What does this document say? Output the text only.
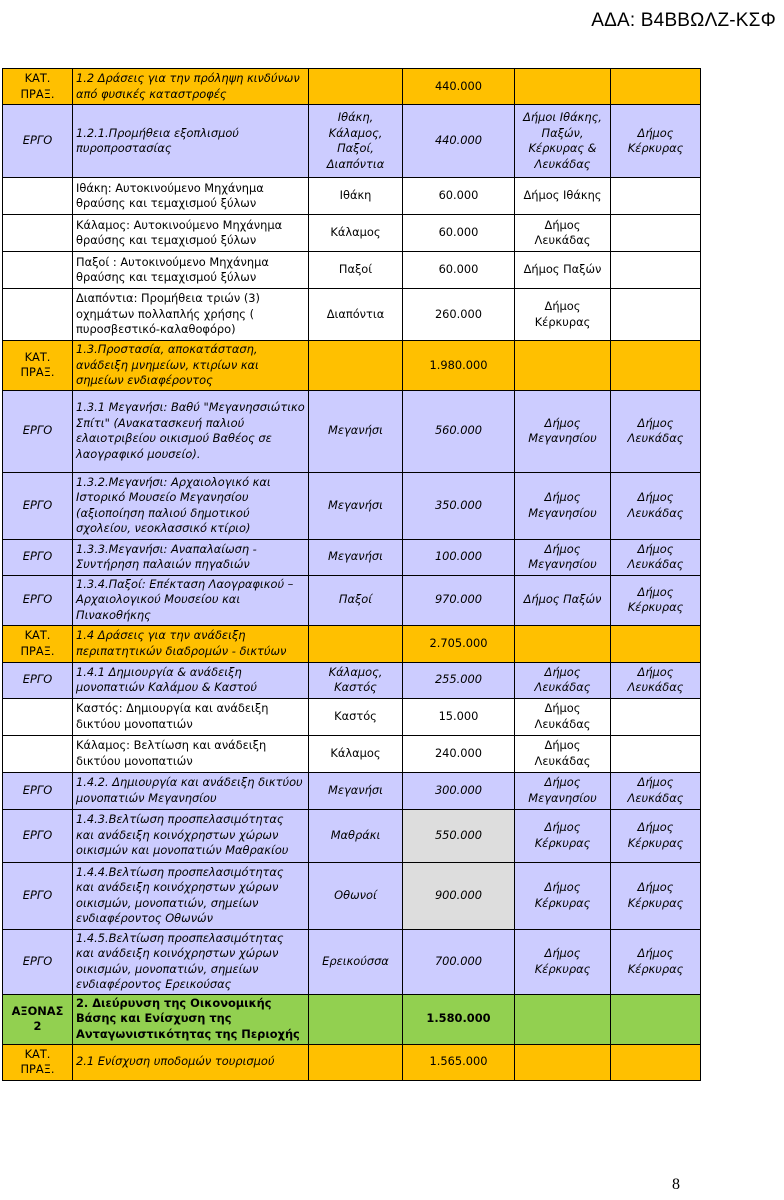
ΑΔΑ: Β4ΒΒΩΛΖ-ΚΣΦ
ΚΑΤ. ΠΡΑΞ.	1.2 Δράσεις για την πρόληψη κινδύνων από φυσικές καταστροφές		440.000		
ΕΡΓΟ	1.2.1.Προμήθεια εξοπλισμού πυροπροστασίας	Ιθάκη, Κάλαμος, Παξοί, Διαπόντια	440.000	Δήμοι Ιθάκης, Παξών, Κέρκυρας & Λευκάδας	Δήμος Κέρκυρας
	Ιθάκη: Αυτοκινούμενο Μηχάνημα θραύσης και τεμαχισμού ξύλων	Ιθάκη	60.000	Δήμος Ιθάκης	
	Κάλαμος: Αυτοκινούμενο Μηχάνημα θραύσης και τεμαχισμού ξύλων	Κάλαμος	60.000	Δήμος Λευκάδας	
	Παξοί : Αυτοκινούμενο Μηχάνημα θραύσης και τεμαχισμού ξύλων	Παξοί	60.000	Δήμος Παξών	
	Διαπόντια: Προμήθεια τριών (3) οχημάτων πολλαπλής χρήσης ( πυροσβεστικό-καλαθοφόρο)	Διαπόντια	260.000	Δήμος Κέρκυρας	
ΚΑΤ. ΠΡΑΞ.	1.3.Προστασία, αποκατάσταση, ανάδειξη μνημείων, κτιρίων και σημείων ενδιαφέροντος		1.980.000		
ΕΡΓΟ	1.3.1 Μεγανήσι: Βαθύ "Μεγανησσιώτικο Σπίτι" (Ανακατασκευή παλιού ελαιοτριβείου οικισμού Βαθέος σε λαογραφικό μουσείο).	Μεγανήσι	560.000	Δήμος Μεγανησίου	Δήμος Λευκάδας
ΕΡΓΟ	1.3.2.Μεγανήσι: Αρχαιολογικό και Ιστορικό Μουσείο Μεγανησίου (αξιοποίηση παλιού δημοτικού σχολείου, νεοκλασσικό κτίριο)	Μεγανήσι	350.000	Δήμος Μεγανησίου	Δήμος Λευκάδας
ΕΡΓΟ	1.3.3.Μεγανήσι: Αναπαλαίωση - Συντήρηση παλαιών πηγαδιών	Μεγανήσι	100.000	Δήμος Μεγανησίου	Δήμος Λευκάδας
ΕΡΓΟ	1.3.4.Παξοί: Επέκταση Λαογραφικού – Αρχαιολογικού Μουσείου και Πινακοθήκης	Παξοί	970.000	Δήμος Παξών	Δήμος Κέρκυρας
ΚΑΤ. ΠΡΑΞ.	1.4 Δράσεις για την ανάδειξη περιπατητικών διαδρομών - δικτύων		2.705.000		
ΕΡΓΟ	1.4.1 Δημιουργία & ανάδειξη μονοπατιών Καλάμου & Καστού	Κάλαμος, Καστός	255.000	Δήμος Λευκάδας	Δήμος Λευκάδας
	Καστός: Δημιουργία και ανάδειξη δικτύου μονοπατιών	Καστός	15.000	Δήμος Λευκάδας	
	Κάλαμος: Βελτίωση και ανάδειξη δικτύου μονοπατιών	Κάλαμος	240.000	Δήμος Λευκάδας	
ΕΡΓΟ	1.4.2. Δημιουργία και ανάδειξη δικτύου μονοπατιών Μεγανησίου	Μεγανήσι	300.000	Δήμος Μεγανησίου	Δήμος Λευκάδας
ΕΡΓΟ	1.4.3.Βελτίωση προσπελασιμότητας και ανάδειξη κοινόχρηστων χώρων οικισμών και μονοπατιών Μαθρακίου	Μαθράκι	550.000	Δήμος Κέρκυρας	Δήμος Κέρκυρας
ΕΡΓΟ	1.4.4.Βελτίωση προσπελασιμότητας και ανάδειξη κοινόχρηστων χώρων οικισμών, μονοπατιών, σημείων ενδιαφέροντος Οθωνών	Οθωνοί	900.000	Δήμος Κέρκυρας	Δήμος Κέρκυρας
ΕΡΓΟ	1.4.5.Βελτίωση προσπελασιμότητας και ανάδειξη κοινόχρηστων χώρων οικισμών, μονοπατιών, σημείων ενδιαφέροντος Ερεικούσας	Ερεικούσσα	700.000	Δήμος Κέρκυρας	Δήμος Κέρκυρας
ΑΞΟΝΑΣ 2	2. Διεύρυνση της Οικονομικής Βάσης και Ενίσχυση της Ανταγωνιστικότητας της Περιοχής		1.580.000		
ΚΑΤ. ΠΡΑΞ.	2.1 Ενίσχυση υποδομών τουρισμού		1.565.000		
8
